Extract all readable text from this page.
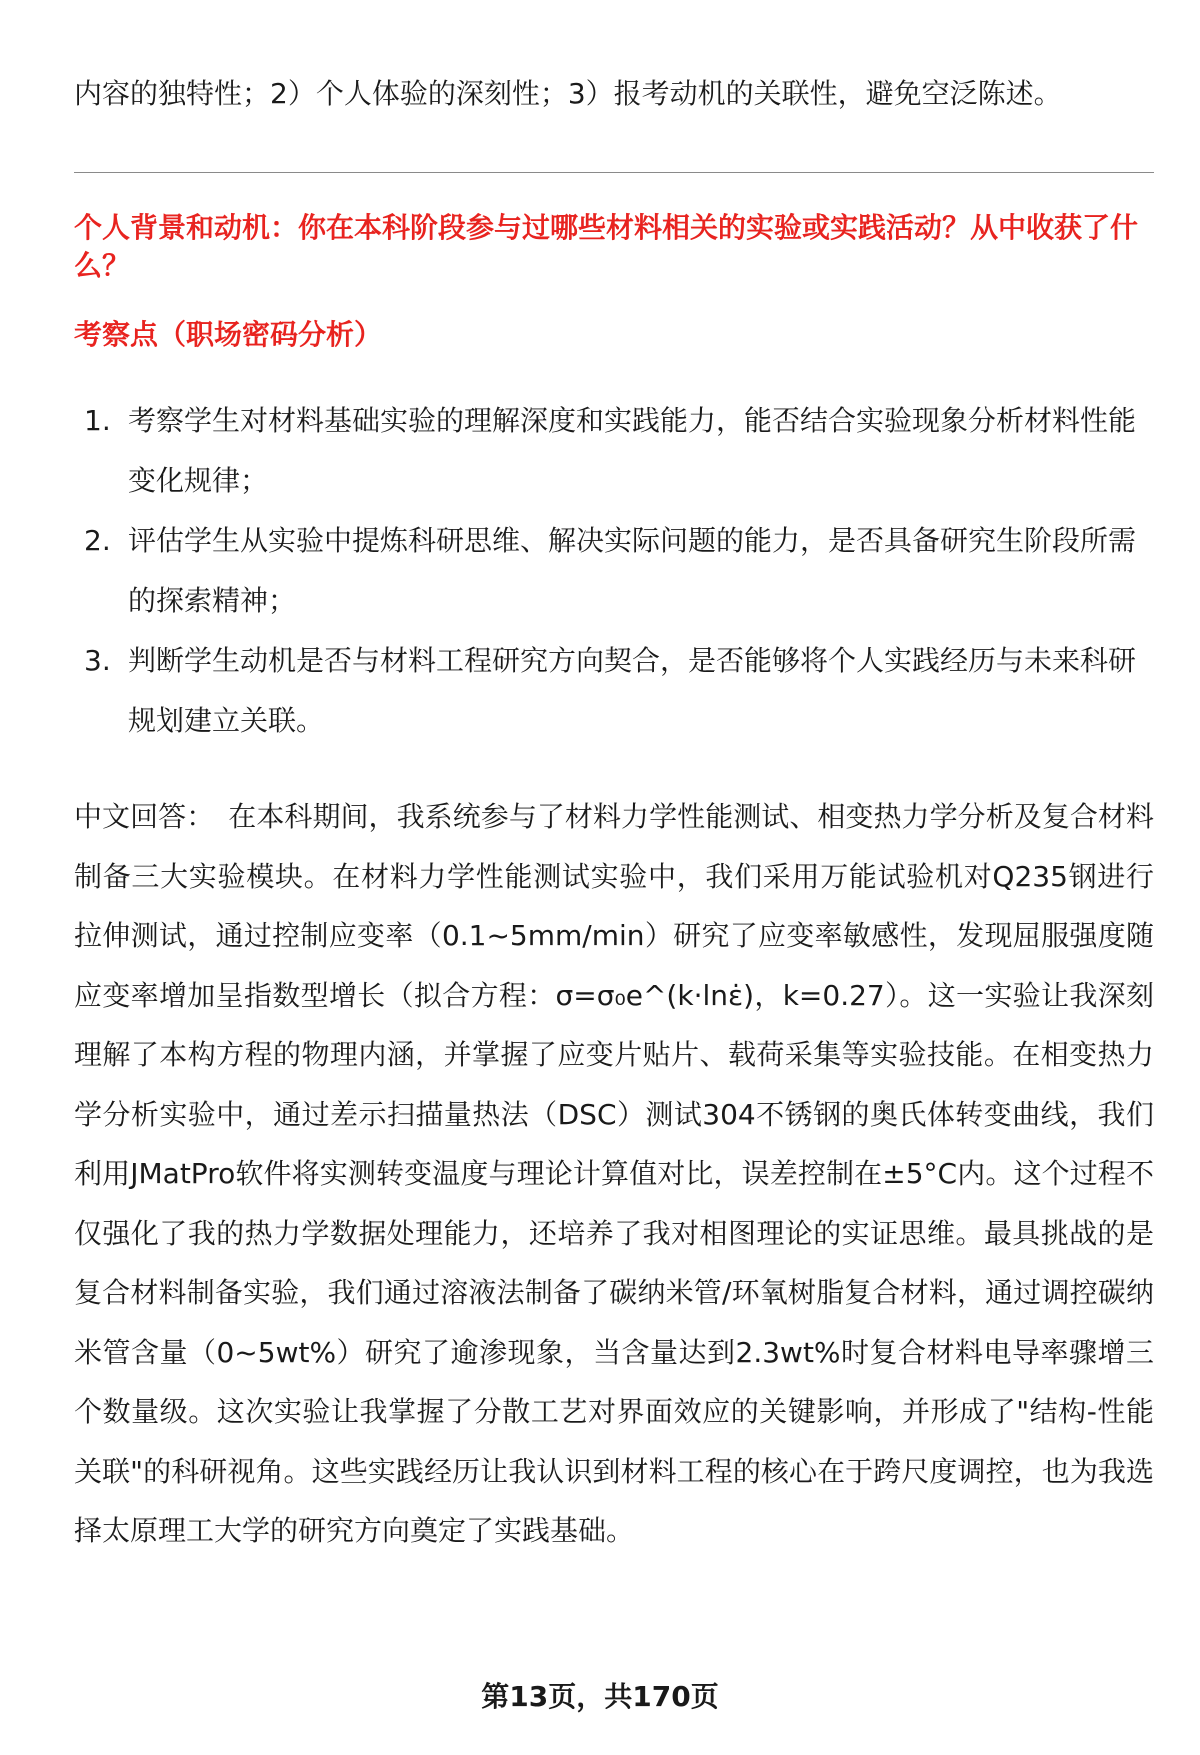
内容的独特性；2）个人体验的深刻性；3）报考动机的关联性，避免空泛陈述。

个人背景和动机：你在本科阶段参与过哪些材料相关的实验或实践活动？从中收获了什么？

考察点（职场密码分析）

1. 考察学生对材料基础实验的理解深度和实践能力，能否结合实验现象分析材料性能变化规律；
2. 评估学生从实验中提炼科研思维、解决实际问题的能力，是否具备研究生阶段所需的探索精神；
3. 判断学生动机是否与材料工程研究方向契合，是否能够将个人实践经历与未来科研规划建立关联。

中文回答： 在本科期间，我系统参与了材料力学性能测试、相变热力学分析及复合材料制备三大实验模块。在材料力学性能测试实验中，我们采用万能试验机对Q235钢进行拉伸测试，通过控制应变率（0.1~5mm/min）研究了应变率敏感性，发现屈服强度随应变率增加呈指数型增长（拟合方程：σ=σ₀e^(k·lnε̇)，k=0.27）。这一实验让我深刻理解了本构方程的物理内涵，并掌握了应变片贴片、载荷采集等实验技能。在相变热力学分析实验中，通过差示扫描量热法（DSC）测试304不锈钢的奥氏体转变曲线，我们利用JMatPro软件将实测转变温度与理论计算值对比，误差控制在±5°C内。这个过程不仅强化了我的热力学数据处理能力，还培养了我对相图理论的实证思维。最具挑战的是复合材料制备实验，我们通过溶液法制备了碳纳米管/环氧树脂复合材料，通过调控碳纳米管含量（0~5wt%）研究了逾渗现象，当含量达到2.3wt%时复合材料电导率骤增三个数量级。这次实验让我掌握了分散工艺对界面效应的关键影响，并形成了"结构-性能关联"的科研视角。这些实践经历让我认识到材料工程的核心在于跨尺度调控，也为我选择太原理工大学的研究方向奠定了实践基础。

第13页，共170页
